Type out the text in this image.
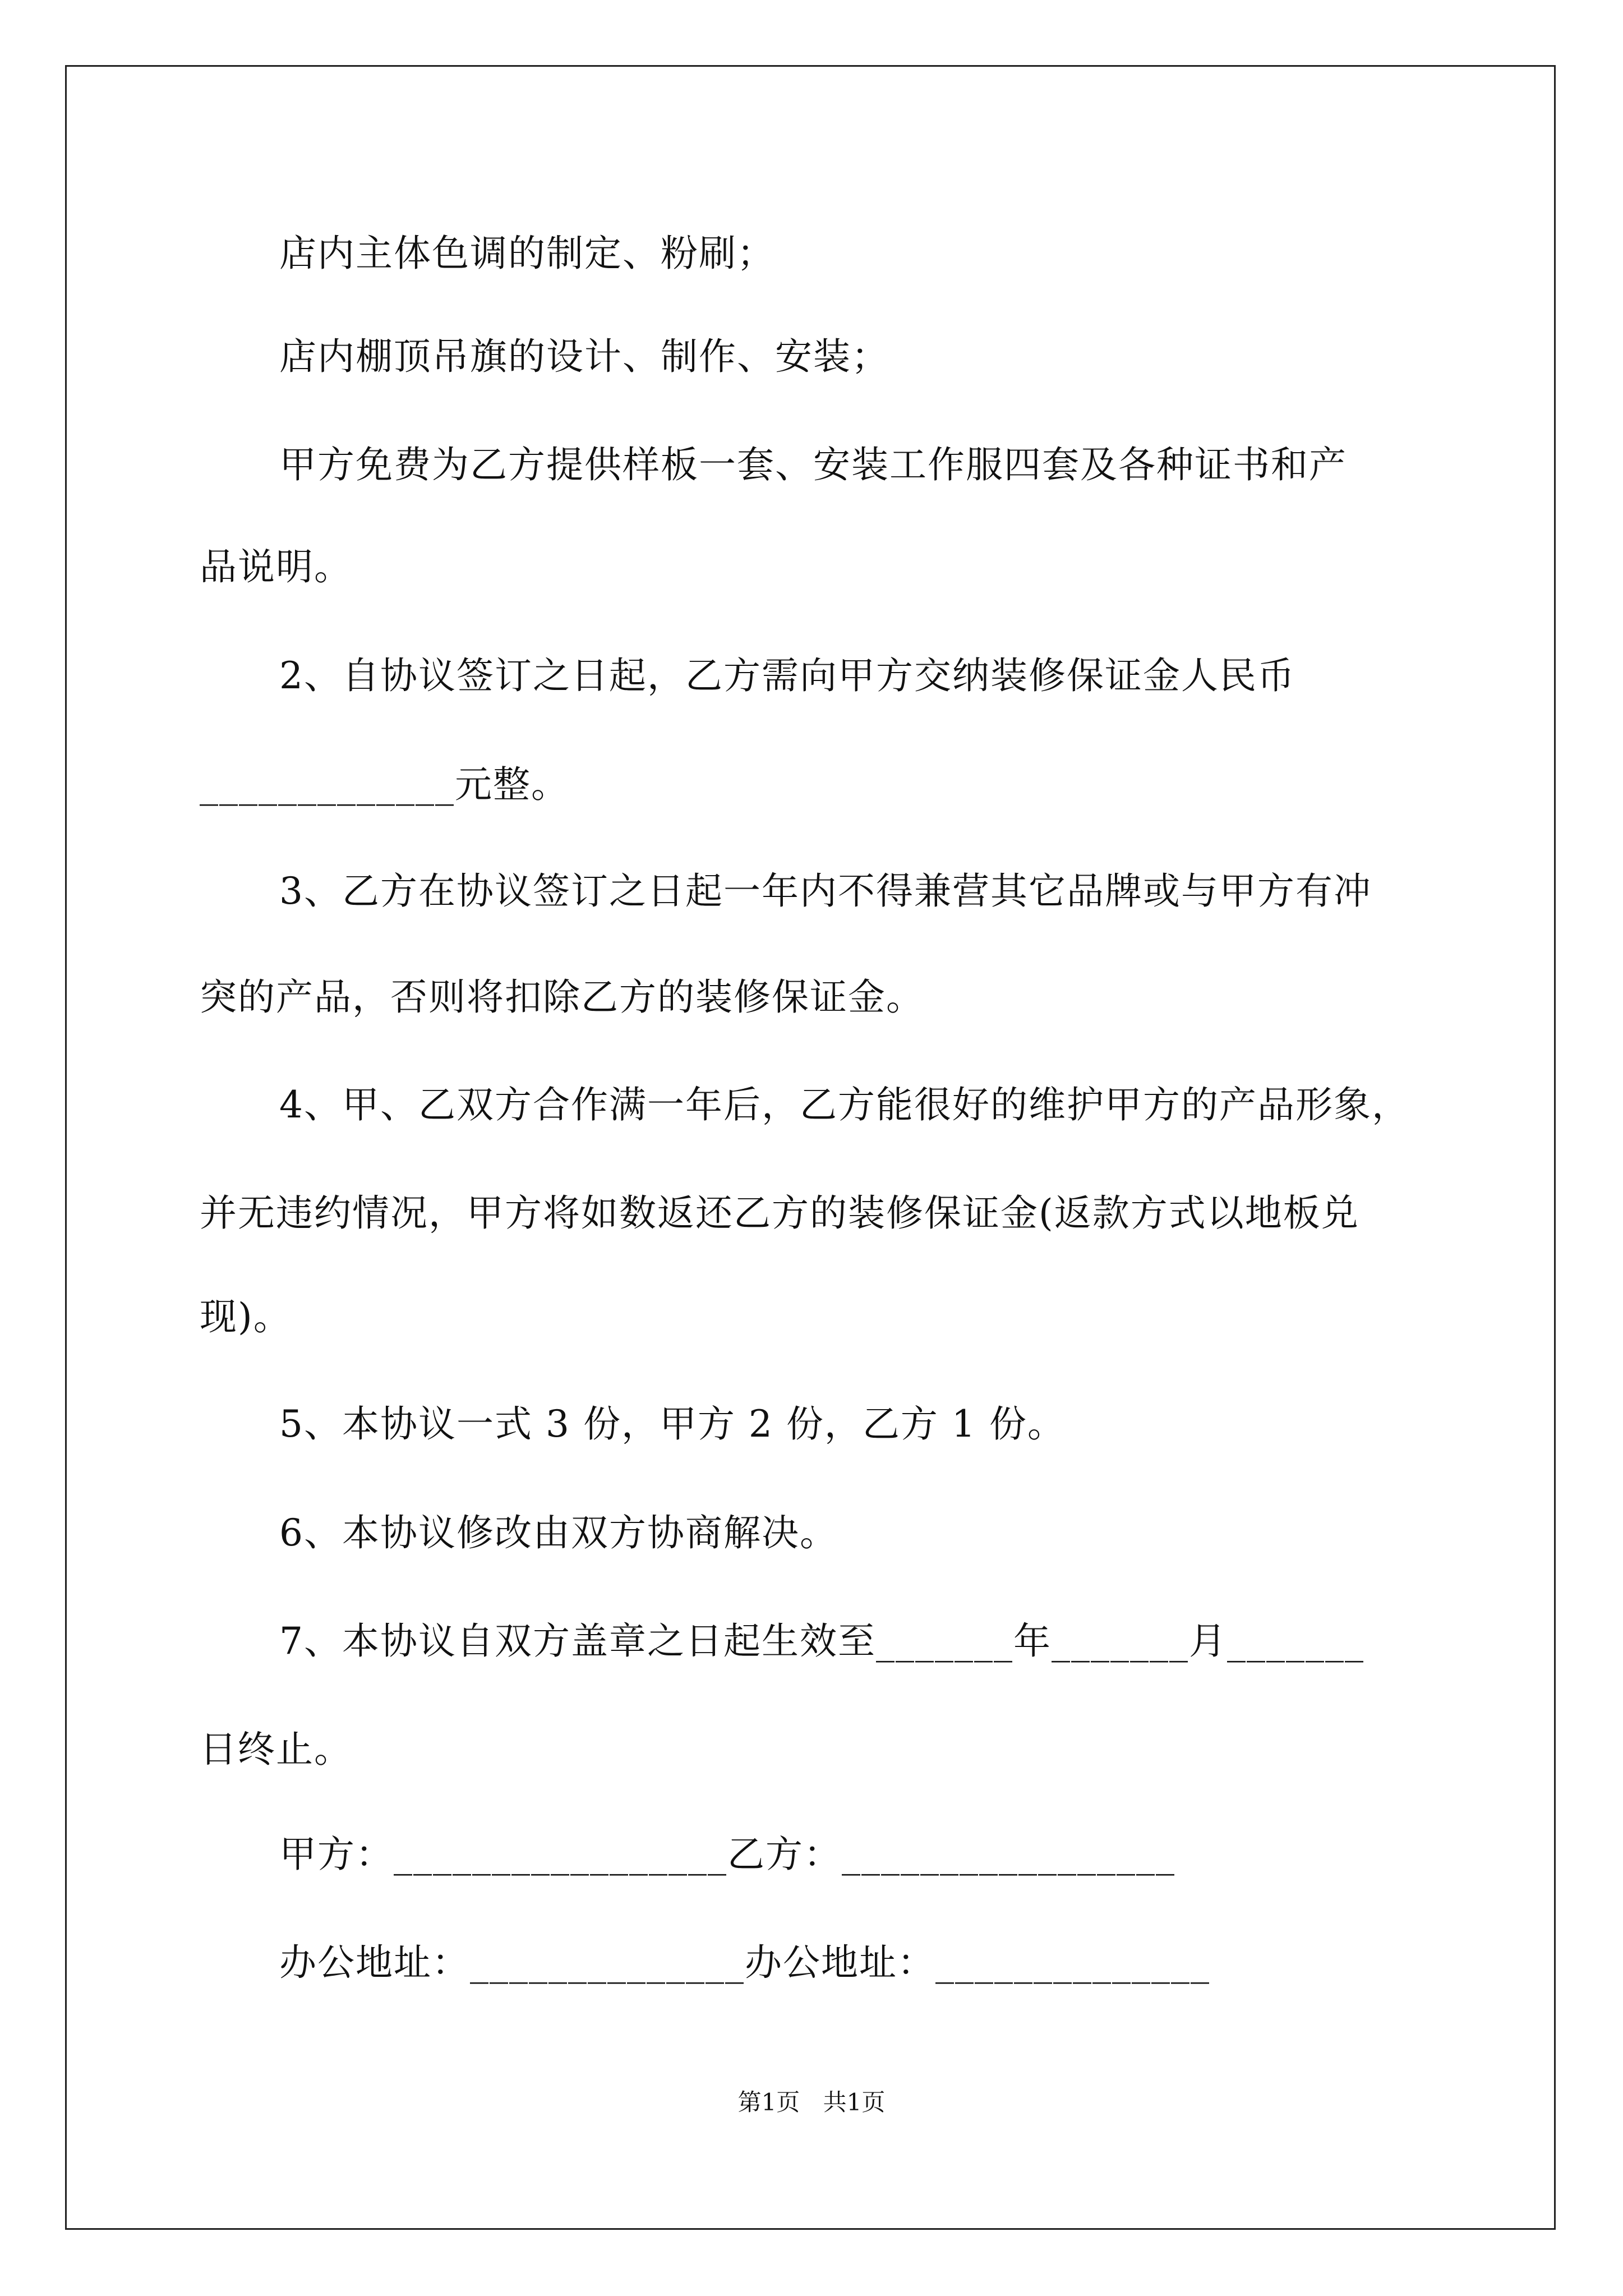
店内主体色调的制定、粉刷；
店内棚顶吊旗的设计、制作、安装；
甲方免费为乙方提供样板一套、安装工作服四套及各种证书和产
品说明。
2、自协议签订之日起，乙方需向甲方交纳装修保证金人民币
_____________元整。
3、乙方在协议签订之日起一年内不得兼营其它品牌或与甲方有冲
突的产品，否则将扣除乙方的装修保证金。
4、甲、乙双方合作满一年后，乙方能很好的维护甲方的产品形象，
并无违约情况，甲方将如数返还乙方的装修保证金(返款方式以地板兑
现)。
5、本协议一式 3 份，甲方 2 份，乙方 1 份。
6、本协议修改由双方协商解决。
7、本协议自双方盖章之日起生效至_______年_______月_______
日终止。
甲方：_________________乙方：_________________
办公地址：______________办公地址：______________
第1页 共1页
